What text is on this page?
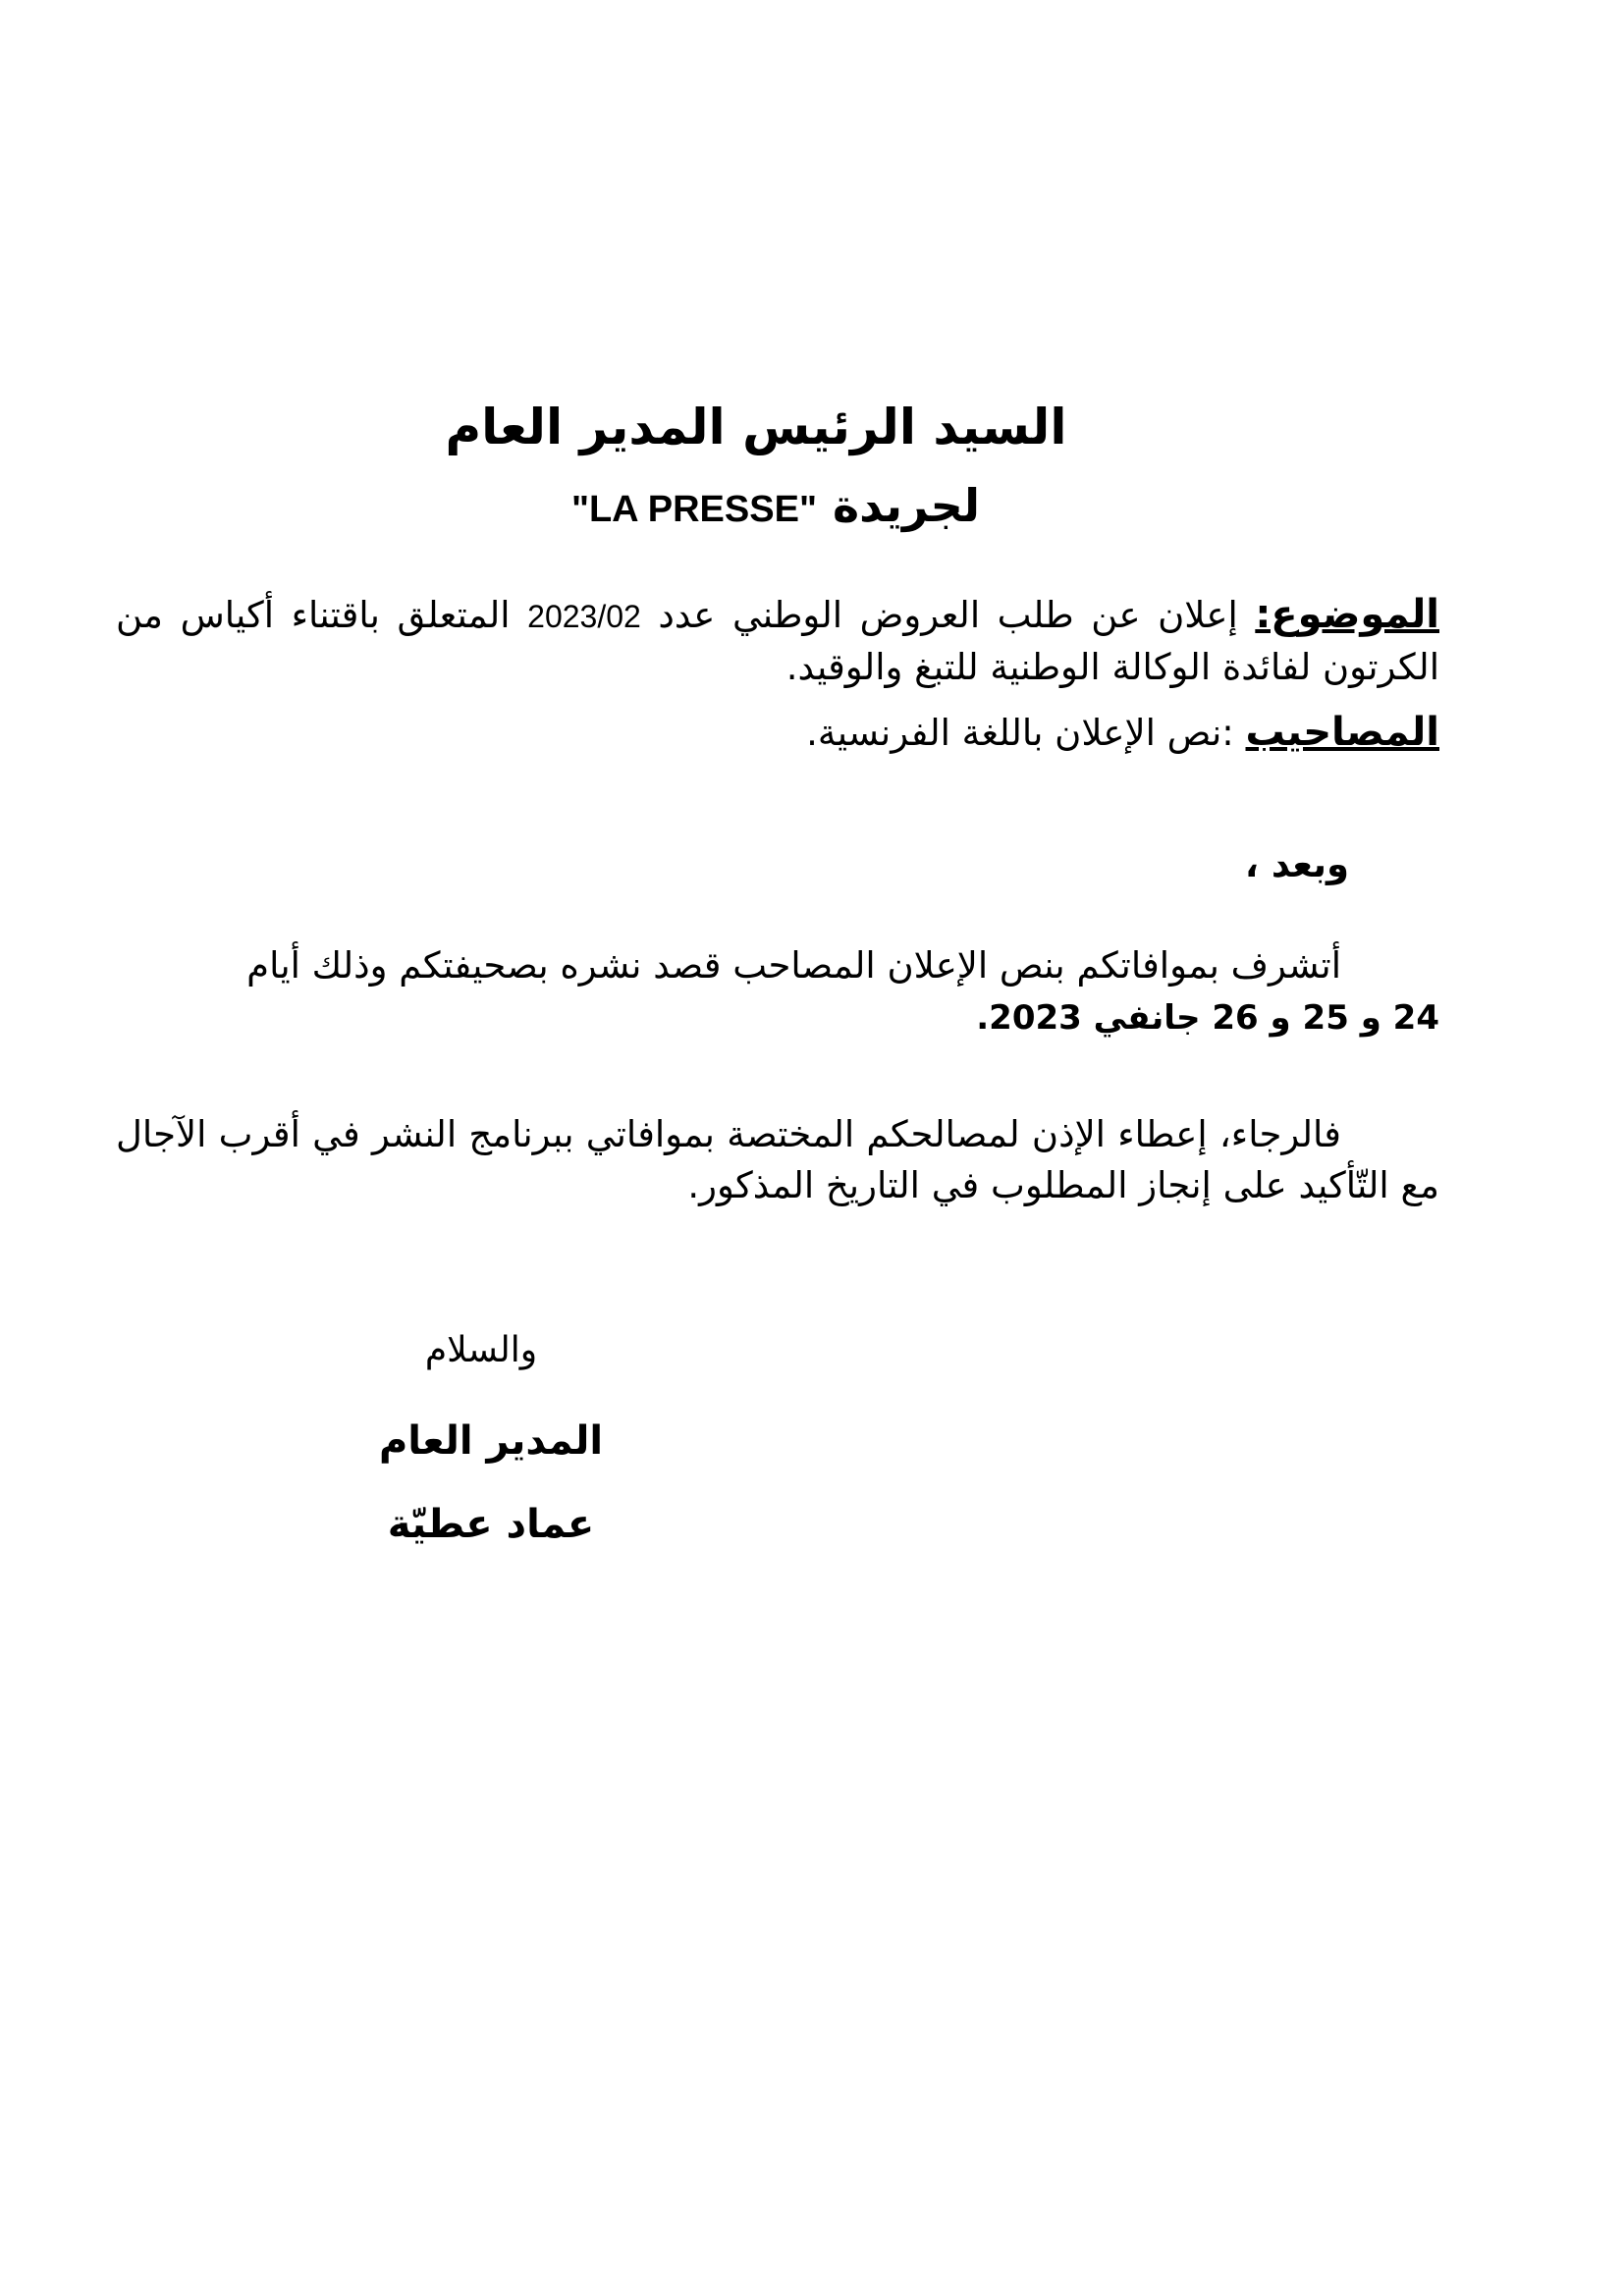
السيد الرئيس المدير العام
لجريدة "LA PRESSE"
الموضوع: إعلان عن طلب العروض الوطني عدد 2023/02 المتعلق باقتناء أكياس من الكرتون لفائدة الوكالة الوطنية للتبغ والوقيد.
المصاحيب :نص الإعلان باللغة الفرنسية.
وبعد ،
أتشرف بموافاتكم بنص الإعلان المصاحب قصد نشره بصحيفتكم وذلك أيام
24 و 25 و 26 جانفي 2023.
فالرجاء، إعطاء الإذن لمصالحكم المختصة بموافاتي ببرنامج النشر في أقرب الآجال مع التّأكيد على إنجاز المطلوب في التاريخ المذكور.
والسلام
المدير العام
عماد عطيّة
